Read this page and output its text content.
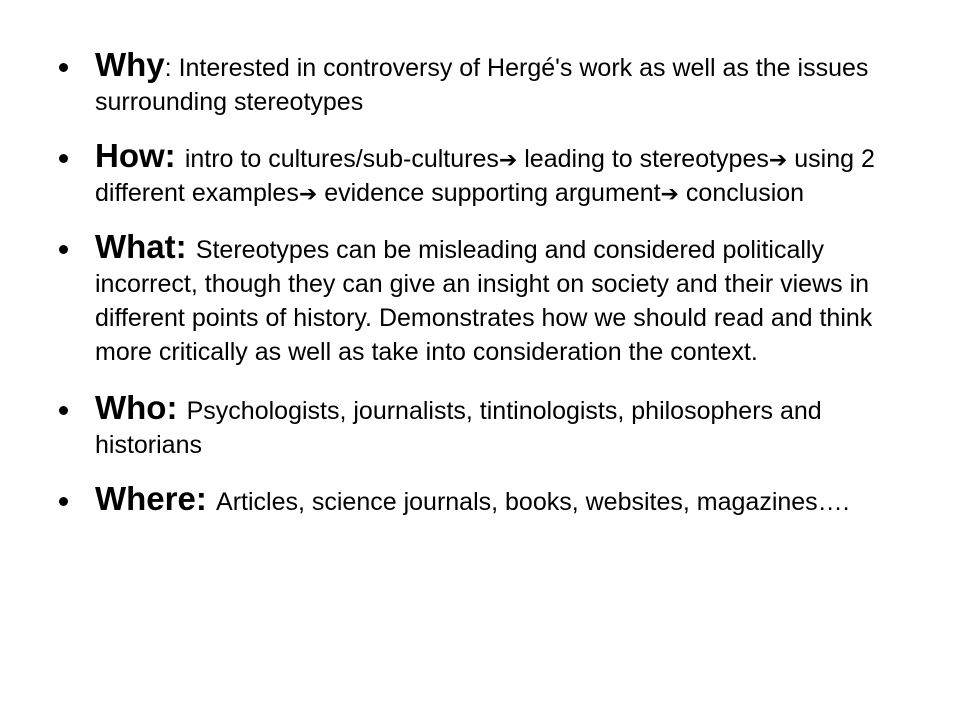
Why: Interested in controversy of Hergé's work as well as the issues surrounding stereotypes
How: intro to cultures/sub-cultures➔ leading to stereotypes➔ using 2 different examples➔ evidence supporting argument➔ conclusion
What: Stereotypes can be misleading and considered politically incorrect, though they can give an insight on society and their views in different points of history. Demonstrates how we should read and think more critically as well as take into consideration the context.
Who: Psychologists, journalists, tintinologists, philosophers and historians
Where: Articles, science journals, books, websites, magazines….
